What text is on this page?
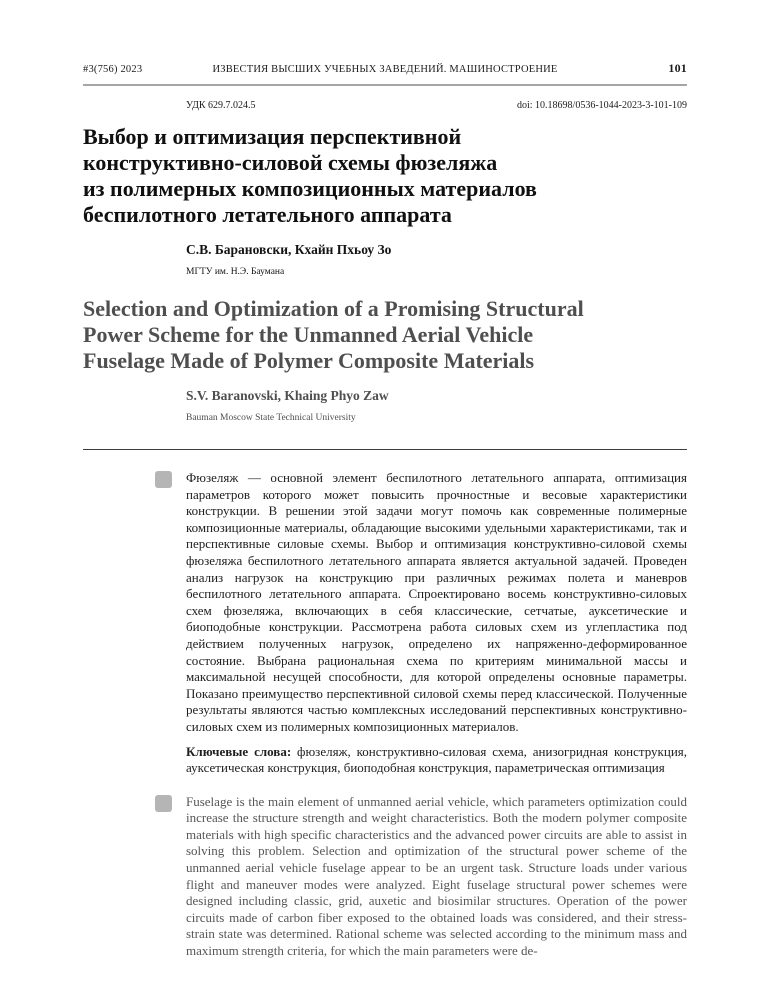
#3(756) 2023	ИЗВЕСТИЯ ВЫСШИХ УЧЕБНЫХ ЗАВЕДЕНИЙ. МАШИНОСТРОЕНИЕ	101
УДК 629.7.024.5	doi: 10.18698/0536-1044-2023-3-101-109
Выбор и оптимизация перспективной
конструктивно-силовой схемы фюзеляжа
из полимерных композиционных материалов
беспилотного летательного аппарата
С.В. Барановски, Кхайн Пхьоу Зо
МГТУ им. Н.Э. Баумана
Selection and Optimization of a Promising Structural
Power Scheme for the Unmanned Aerial Vehicle
Fuselage Made of Polymer Composite Materials
S.V. Baranovski, Khaing Phyo Zaw
Bauman Moscow State Technical University
Фюзеляж — основной элемент беспилотного летательного аппарата, оптимизация параметров которого может повысить прочностные и весовые характеристики конструкции. В решении этой задачи могут помочь как современные полимерные композиционные материалы, обладающие высокими удельными характеристиками, так и перспективные силовые схемы. Выбор и оптимизация конструктивно-силовой схемы фюзеляжа беспилотного летательного аппарата является актуальной задачей. Проведен анализ нагрузок на конструкцию при различных режимах полета и маневров беспилотного летательного аппарата. Спроектировано восемь конструктивно-силовых схем фюзеляжа, включающих в себя классические, сетчатые, ауксетические и биоподобные конструкции. Рассмотрена работа силовых схем из углепластика под действием полученных нагрузок, определено их напряженно-деформированное состояние. Выбрана рациональная схема по критериям минимальной массы и максимальной несущей способности, для которой определены основные параметры. Показано преимущество перспективной силовой схемы перед классической. Полученные результаты являются частью комплексных исследований перспективных конструктивно-силовых схем из полимерных композиционных материалов.
Ключевые слова: фюзеляж, конструктивно-силовая схема, анизогридная конструкция, ауксетическая конструкция, биоподобная конструкция, параметрическая оптимизация
Fuselage is the main element of unmanned aerial vehicle, which parameters optimization could increase the structure strength and weight characteristics. Both the modern polymer composite materials with high specific characteristics and the advanced power circuits are able to assist in solving this problem. Selection and optimization of the structural power scheme of the unmanned aerial vehicle fuselage appear to be an urgent task. Structure loads under various flight and maneuver modes were analyzed. Eight fuselage structural power schemes were designed including classic, grid, auxetic and biosimilar structures. Operation of the power circuits made of carbon fiber exposed to the obtained loads was considered, and their stress-strain state was determined. Rational scheme was selected according to the minimum mass and maximum strength criteria, for which the main parameters were de-
